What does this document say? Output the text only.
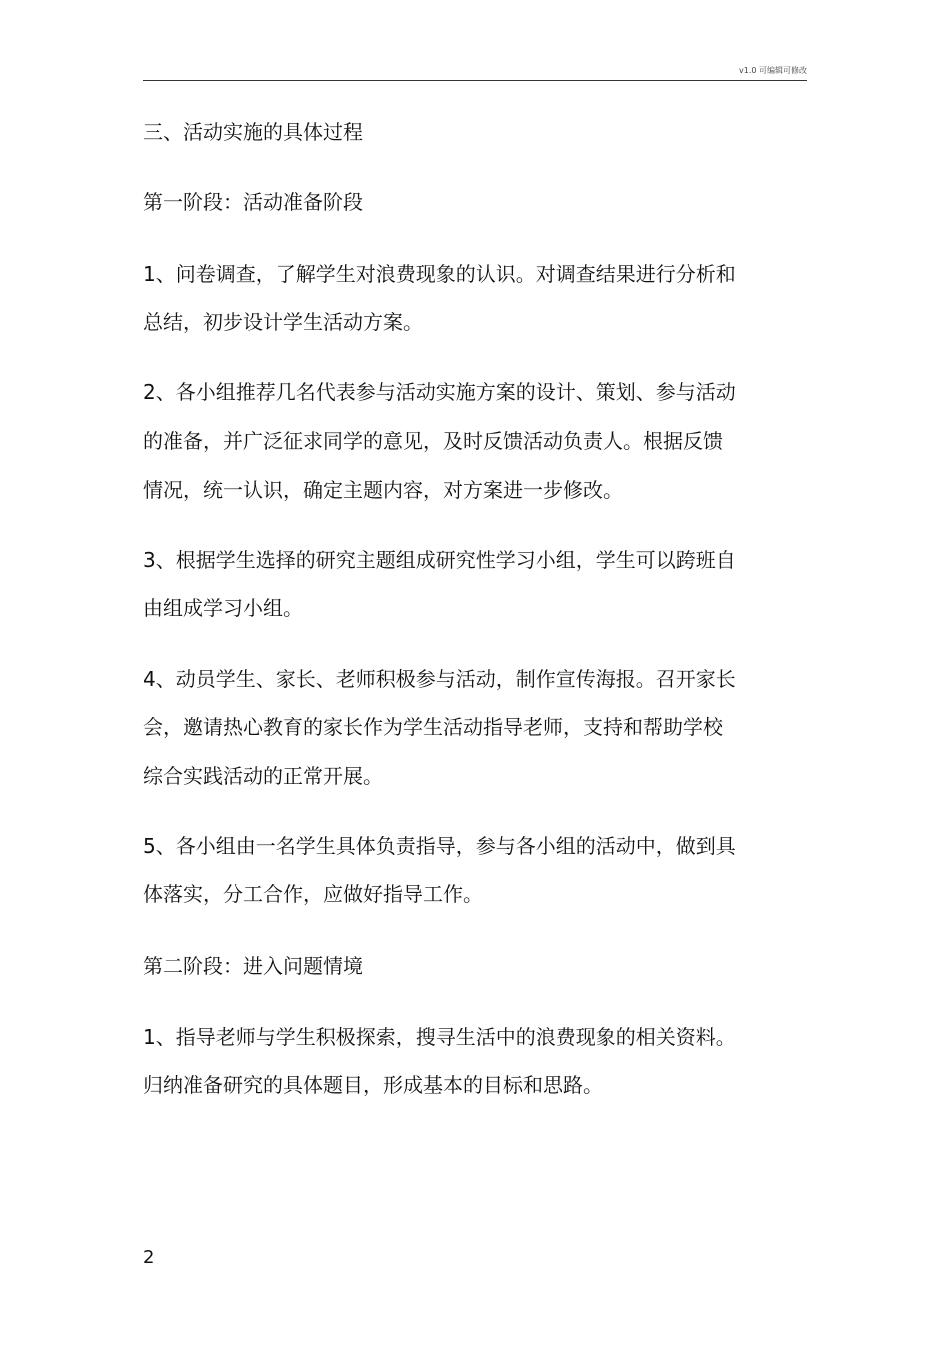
v1.0 可编辑可修改
三、活动实施的具体过程
第一阶段：活动准备阶段
1、问卷调查，了解学生对浪费现象的认识。对调查结果进行分析和
总结，初步设计学生活动方案。
2、各小组推荐几名代表参与活动实施方案的设计、策划、参与活动
的准备，并广泛征求同学的意见，及时反馈活动负责人。根据反馈
情况，统一认识，确定主题内容，对方案进一步修改。
3、根据学生选择的研究主题组成研究性学习小组，学生可以跨班自
由组成学习小组。
4、动员学生、家长、老师积极参与活动，制作宣传海报。召开家长
会，邀请热心教育的家长作为学生活动指导老师，支持和帮助学校
综合实践活动的正常开展。
5、各小组由一名学生具体负责指导，参与各小组的活动中，做到具
体落实，分工合作，应做好指导工作。
第二阶段：进入问题情境
1、指导老师与学生积极探索，搜寻生活中的浪费现象的相关资料。
归纳准备研究的具体题目，形成基本的目标和思路。
2
